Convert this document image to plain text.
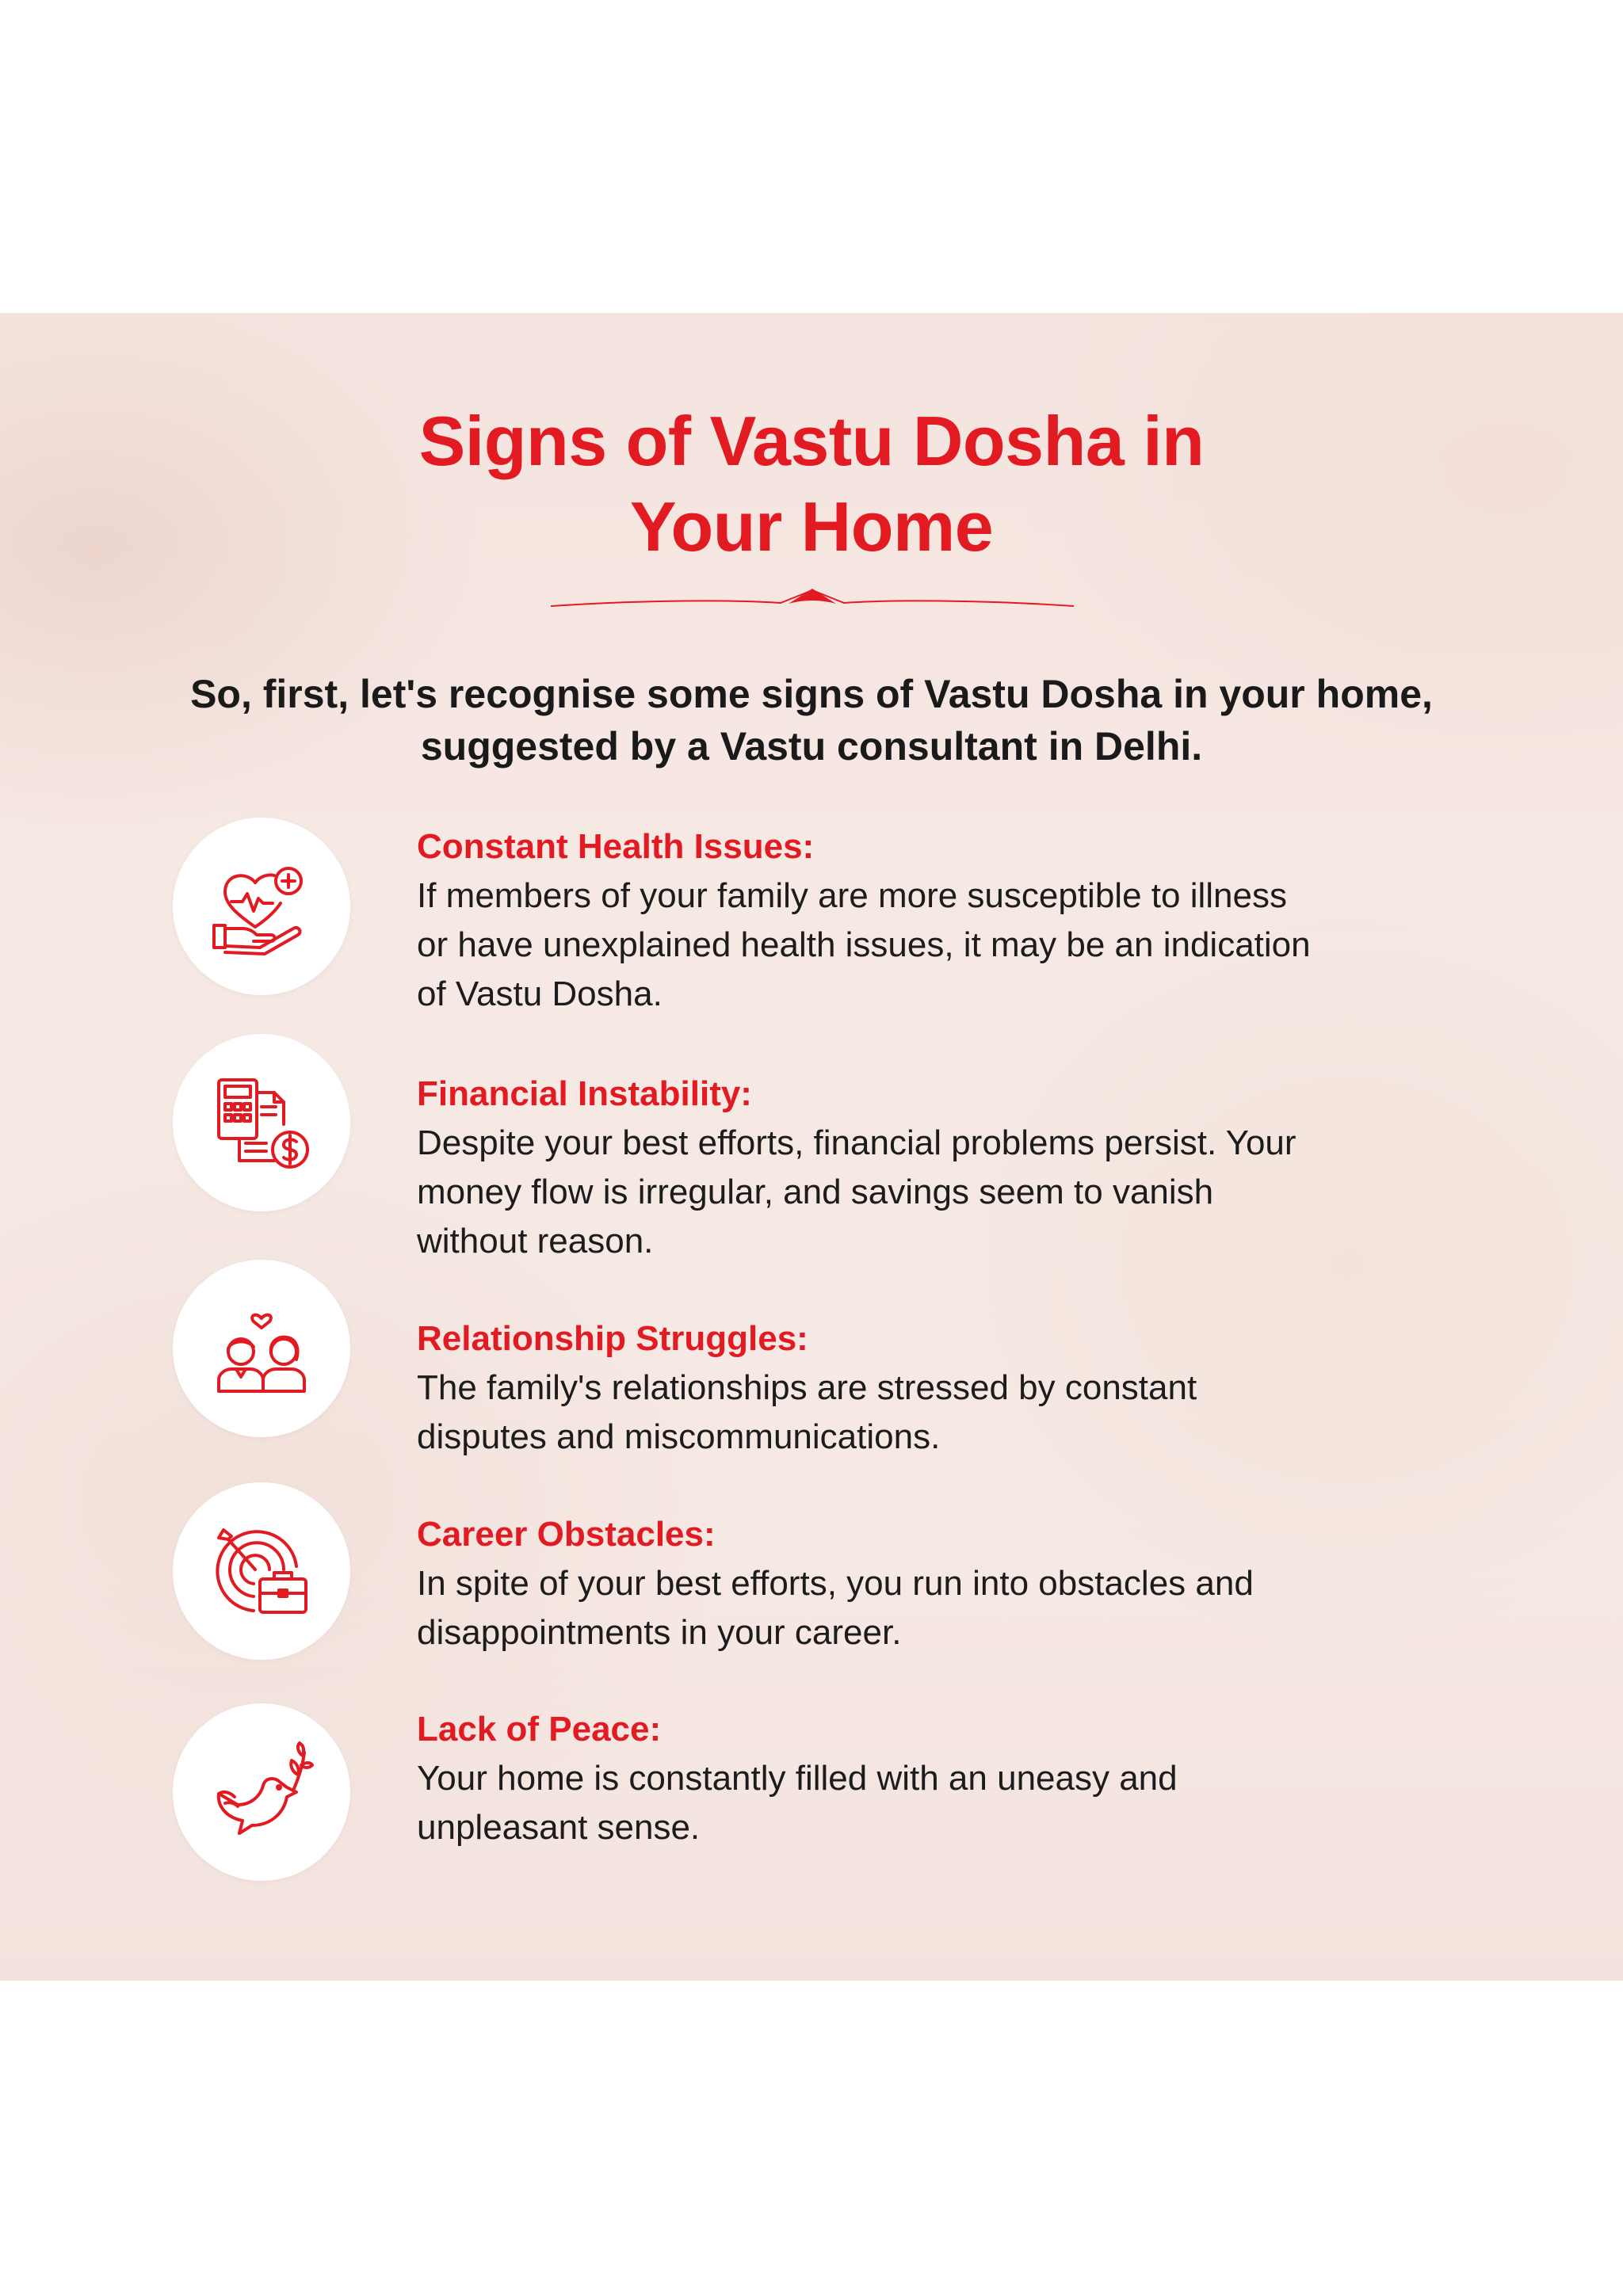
Signs of Vastu Dosha in
Your Home

So, first, let's recognise some signs of Vastu Dosha in your home,

suggested by a Vastu consultant in Delhi.

Constant Health Issues:
If members of your family are more susceptible to illness
or have unexplained health issues, it may be an indication
of Vastu Dosha.
Financial Instability:
Despite your best efforts, financial problems persist. Your
money flow is irregular, and savings seem to vanish
without reason.
Relationship Struggles:
The family's relationships are stressed by constant
disputes and miscommunications.
Career Obstacles:
In spite of your best efforts, you run into obstacles and
disappointments in your career.
Lack of Peace:
Your home is constantly filled with an uneasy and
unpleasant sense.
